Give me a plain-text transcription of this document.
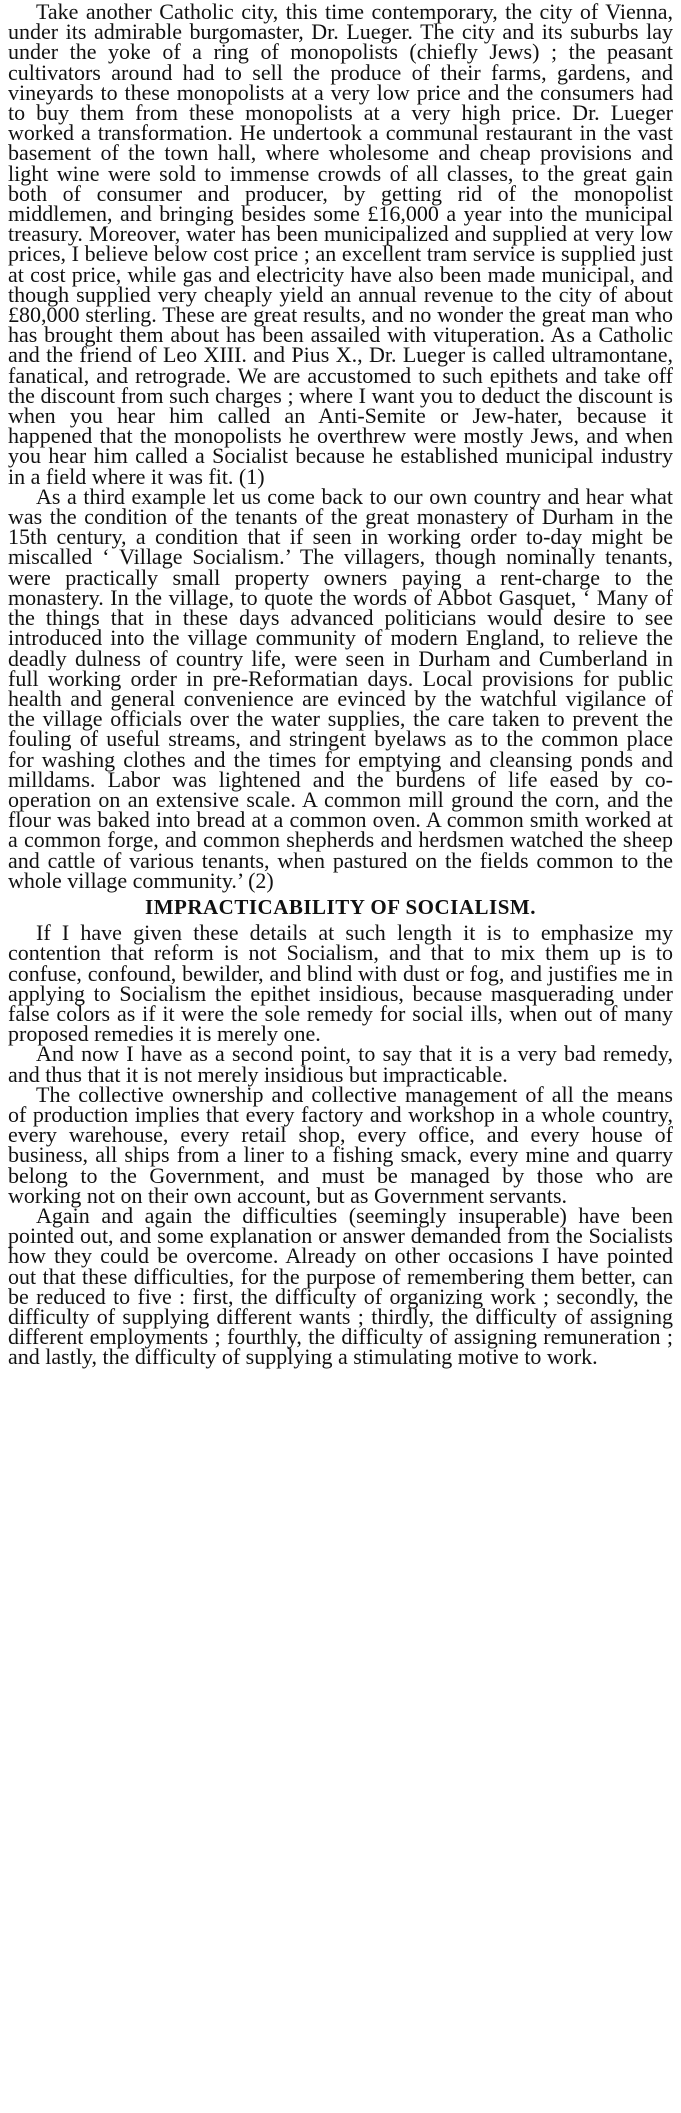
Take another Catholic city, this time contemporary, the city of Vienna, under its admirable burgomaster, Dr. Lueger. The city and its suburbs lay under the yoke of a ring of monopolists (chiefly Jews) ; the peasant cultivators around had to sell the produce of their farms, gardens, and vineyards to these monopolists at a very low price and the consumers had to buy them from these monopolists at a very high price. Dr. Lueger worked a transformation. He undertook a communal restaurant in the vast basement of the town hall, where wholesome and cheap provisions and light wine were sold to immense crowds of all classes, to the great gain both of consumer and producer, by getting rid of the monopolist middlemen, and bringing besides some £16,000 a year into the municipal treasury. Moreover, water has been municipalized and supplied at very low prices, I believe below cost price ; an excellent tram service is supplied just at cost price, while gas and electricity have also been made municipal, and though supplied very cheaply yield an annual revenue to the city of about £80,000 sterling. These are great results, and no wonder the great man who has brought them about has been assailed with vituperation. As a Catholic and the friend of Leo XIII. and Pius X., Dr. Lueger is called ultramontane, fanatical, and retrograde. We are accustomed to such epithets and take off the discount from such charges ; where I want you to deduct the discount is when you hear him called an Anti-Semite or Jew-hater, because it happened that the monopolists he overthrew were mostly Jews, and when you hear him called a Socialist because he established municipal industry in a field where it was fit. (1)

As a third example let us come back to our own country and hear what was the condition of the tenants of the great monastery of Durham in the 15th century, a condition that if seen in working order to-day might be miscalled ‘ Village Socialism.’ The villagers, though nominally tenants, were practically small property owners paying a rent-charge to the monastery. In the village, to quote the words of Abbot Gasquet, ‘ Many of the things that in these days advanced politicians would desire to see introduced into the village community of modern England, to relieve the deadly dulness of country life, were seen in Durham and Cumberland in full working order in pre-Reformatian days. Local provisions for public health and general convenience are evinced by the watchful vigilance of the village officials over the water supplies, the care taken to prevent the fouling of useful streams, and stringent byelaws as to the common place for washing clothes and the times for emptying and cleansing ponds and milldams. Labor was lightened and the burdens of life eased by co-operation on an extensive scale. A common mill ground the corn, and the flour was baked into bread at a common oven. A common smith worked at a common forge, and common shepherds and herdsmen watched the sheep and cattle of various tenants, when pastured on the fields common to the whole village community.’ (2)

IMPRACTICABILITY OF SOCIALISM.

If I have given these details at such length it is to emphasize my contention that reform is not Socialism, and that to mix them up is to confuse, confound, bewilder, and blind with dust or fog, and justifies me in applying to Socialism the epithet insidious, because masquerading under false colors as if it were the sole remedy for social ills, when out of many proposed remedies it is merely one.

And now I have as a second point, to say that it is a very bad remedy, and thus that it is not merely insidious but impracticable.

The collective ownership and collective management of all the means of production implies that every factory and workshop in a whole country, every warehouse, every retail shop, every office, and every house of business, all ships from a liner to a fishing smack, every mine and quarry belong to the Government, and must be managed by those who are working not on their own account, but as Government servants.

Again and again the difficulties (seemingly insuperable) have been pointed out, and some explanation or answer demanded from the Socialists how they could be overcome. Already on other occasions I have pointed out that these difficulties, for the purpose of remembering them better, can be reduced to five : first, the difficulty of organizing work ; secondly, the difficulty of supplying different wants ; thirdly, the difficulty of assigning different employments ; fourthly, the difficulty of assigning remuneration ; and lastly, the difficulty of supplying a stimulating motive to work.
